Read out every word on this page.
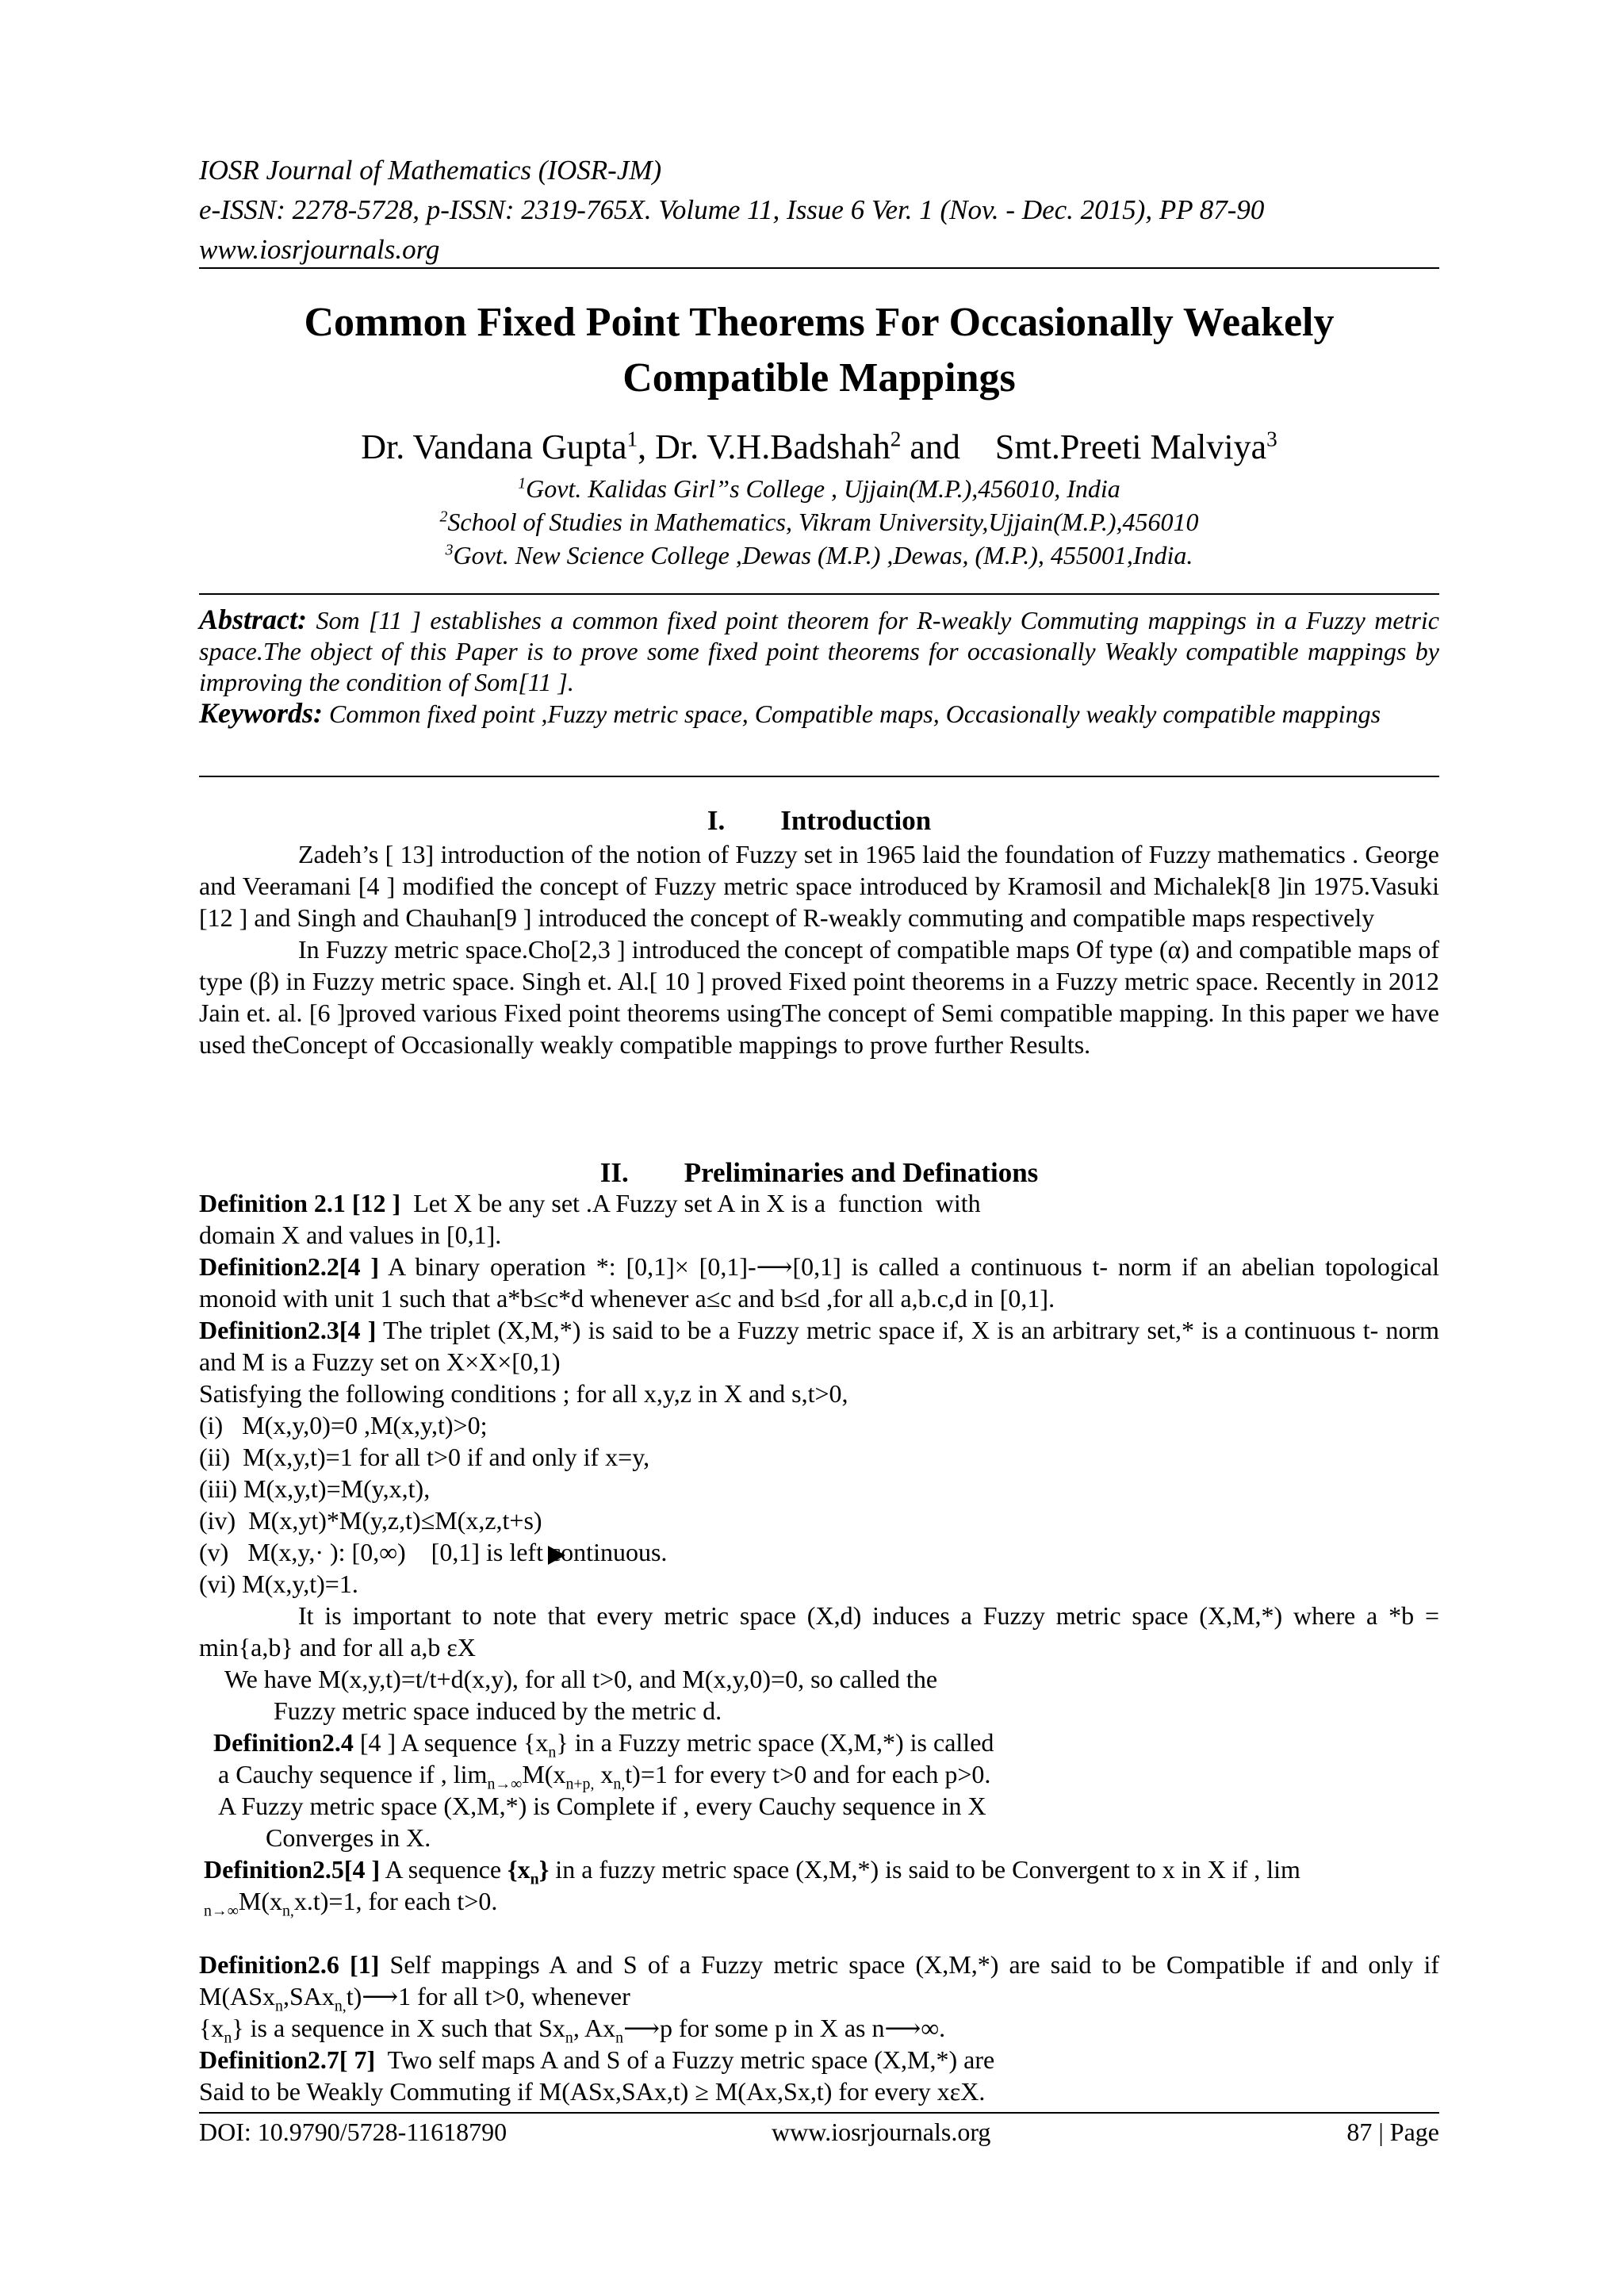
IOSR Journal of Mathematics (IOSR-JM)
e-ISSN: 2278-5728, p-ISSN: 2319-765X. Volume 11, Issue 6 Ver. 1 (Nov. - Dec. 2015), PP 87-90
www.iosrjournals.org
Common Fixed Point Theorems For Occasionally Weakely
Compatible Mappings
Dr. Vandana Gupta$^1$, Dr. V.H.Badshah$^2$ and    Smt.Preeti Malviya$^3$
$^1$Govt. Kalidas Girl”s College , Ujjain(M.P.),456010, India
$^2$School of Studies in Mathematics, Vikram University,Ujjain(M.P.),456010
$^3$Govt. New Science College ,Dewas (M.P.) ,Dewas, (M.P.), 455001,India.

Abstract: Som [11 ] establishes a common fixed point theorem for R-weakly Commuting mappings in a Fuzzy metric space.The object of this Paper is to prove some fixed point theorems for occasionally Weakly compatible mappings by improving the condition of Som[11 ].

Keywords: Common fixed point ,Fuzzy metric space, Compatible maps, Occasionally weakly compatible mappings

I. Introduction

Zadeh’s [ 13] introduction of the notion of Fuzzy set in 1965 laid the foundation of Fuzzy mathematics . George and Veeramani [4 ] modified the concept of Fuzzy metric space introduced by Kramosil and Michalek[8 ]in 1975.Vasuki [12 ] and Singh and Chauhan[9 ] introduced the concept of R-weakly commuting and compatible maps respectively

In Fuzzy metric space.Cho[2,3 ] introduced the concept of compatible maps Of type (α) and compatible maps of type (β) in Fuzzy metric space. Singh et. Al.[ 10 ] proved Fixed point theorems in a Fuzzy metric space. Recently in 2012 Jain et. al. [6 ]proved various Fixed point theorems usingThe concept of Semi compatible mapping. In this paper we have used theConcept of Occasionally weakly compatible mappings to prove further Results.

II. Preliminaries and Definations
Definition 2.1 [12 ]  Let X be any set .A Fuzzy set A in X is a  function  with
domain X and values in [0,1].

Definition2.2[4 ] A binary operation *: [0,1]× [0,1]-⟶[0,1] is called a continuous t- norm if an abelian topological monoid with unit 1 such that a*b≤c*d whenever a≤c and b≤d ,for all a,b.c,d in [0,1].

Definition2.3[4 ] The triplet (X,M,*) is said to be a Fuzzy metric space if, X is an arbitrary set,* is a continuous t- norm and M is a Fuzzy set on X×X×[0,1)

Satisfying the following conditions ; for all x,y,z in X and s,t>0,
(i)   M(x,y,0)=0 ,M(x,y,t)>0;
(ii)  M(x,y,t)=1 for all t>0 if and only if x=y,
(iii) M(x,y,t)=M(y,x,t),
(iv)  M(x,yt)*M(y,z,t)≤M(x,z,t+s)
(v)   M(x,y,· ): [0,∞)    [0,1] is left continuous.
(vi) M(x,y,t)=1.

It is important to note that every metric space (X,d) induces a Fuzzy metric space (X,M,*) where a *b = min{a,b} and for all a,b εX

We have M(x,y,t)=t/t+d(x,y), for all t>0, and M(x,y,0)=0, so called the
Fuzzy metric space induced by the metric d.
Definition2.4 [4 ] A sequence $\{x_n\}$ in a Fuzzy metric space (X,M,*) is called
a Cauchy sequence if , $\lim_{n\to\infty}M(x_{n+p,}$ $x_{n,}t)=1$ for every t>0 and for each p>0.
A Fuzzy metric space (X,M,*) is Complete if , every Cauchy sequence in X
Converges in X.

Definition2.5[4 ] A sequence $\{x_n\}$ in a fuzzy metric space (X,M,*) is said to be Convergent to x in X if , lim
$_{n\to\infty}M(x_{n,}x.t)=1$, for each t>0.

Definition2.6 [1] Self mappings A and S of a Fuzzy metric space (X,M,*) are said to be Compatible if and only if M(ASx$_n$,SAx$_{n,}$t)⟶1 for all t>0, whenever

$\{x_n\}$ is a sequence in X such that $Sx_n$, $Ax_n⟶p$ for some p in X as n⟶∞.
Definition2.7[ 7]  Two self maps A and S of a Fuzzy metric space (X,M,*) are
Said to be Weakly Commuting if M(ASx,SAx,t) ≥ M(Ax,Sx,t) for every xεX.
DOI: 10.9790/5728-11618790	www.iosrjournals.org	87 | Page
